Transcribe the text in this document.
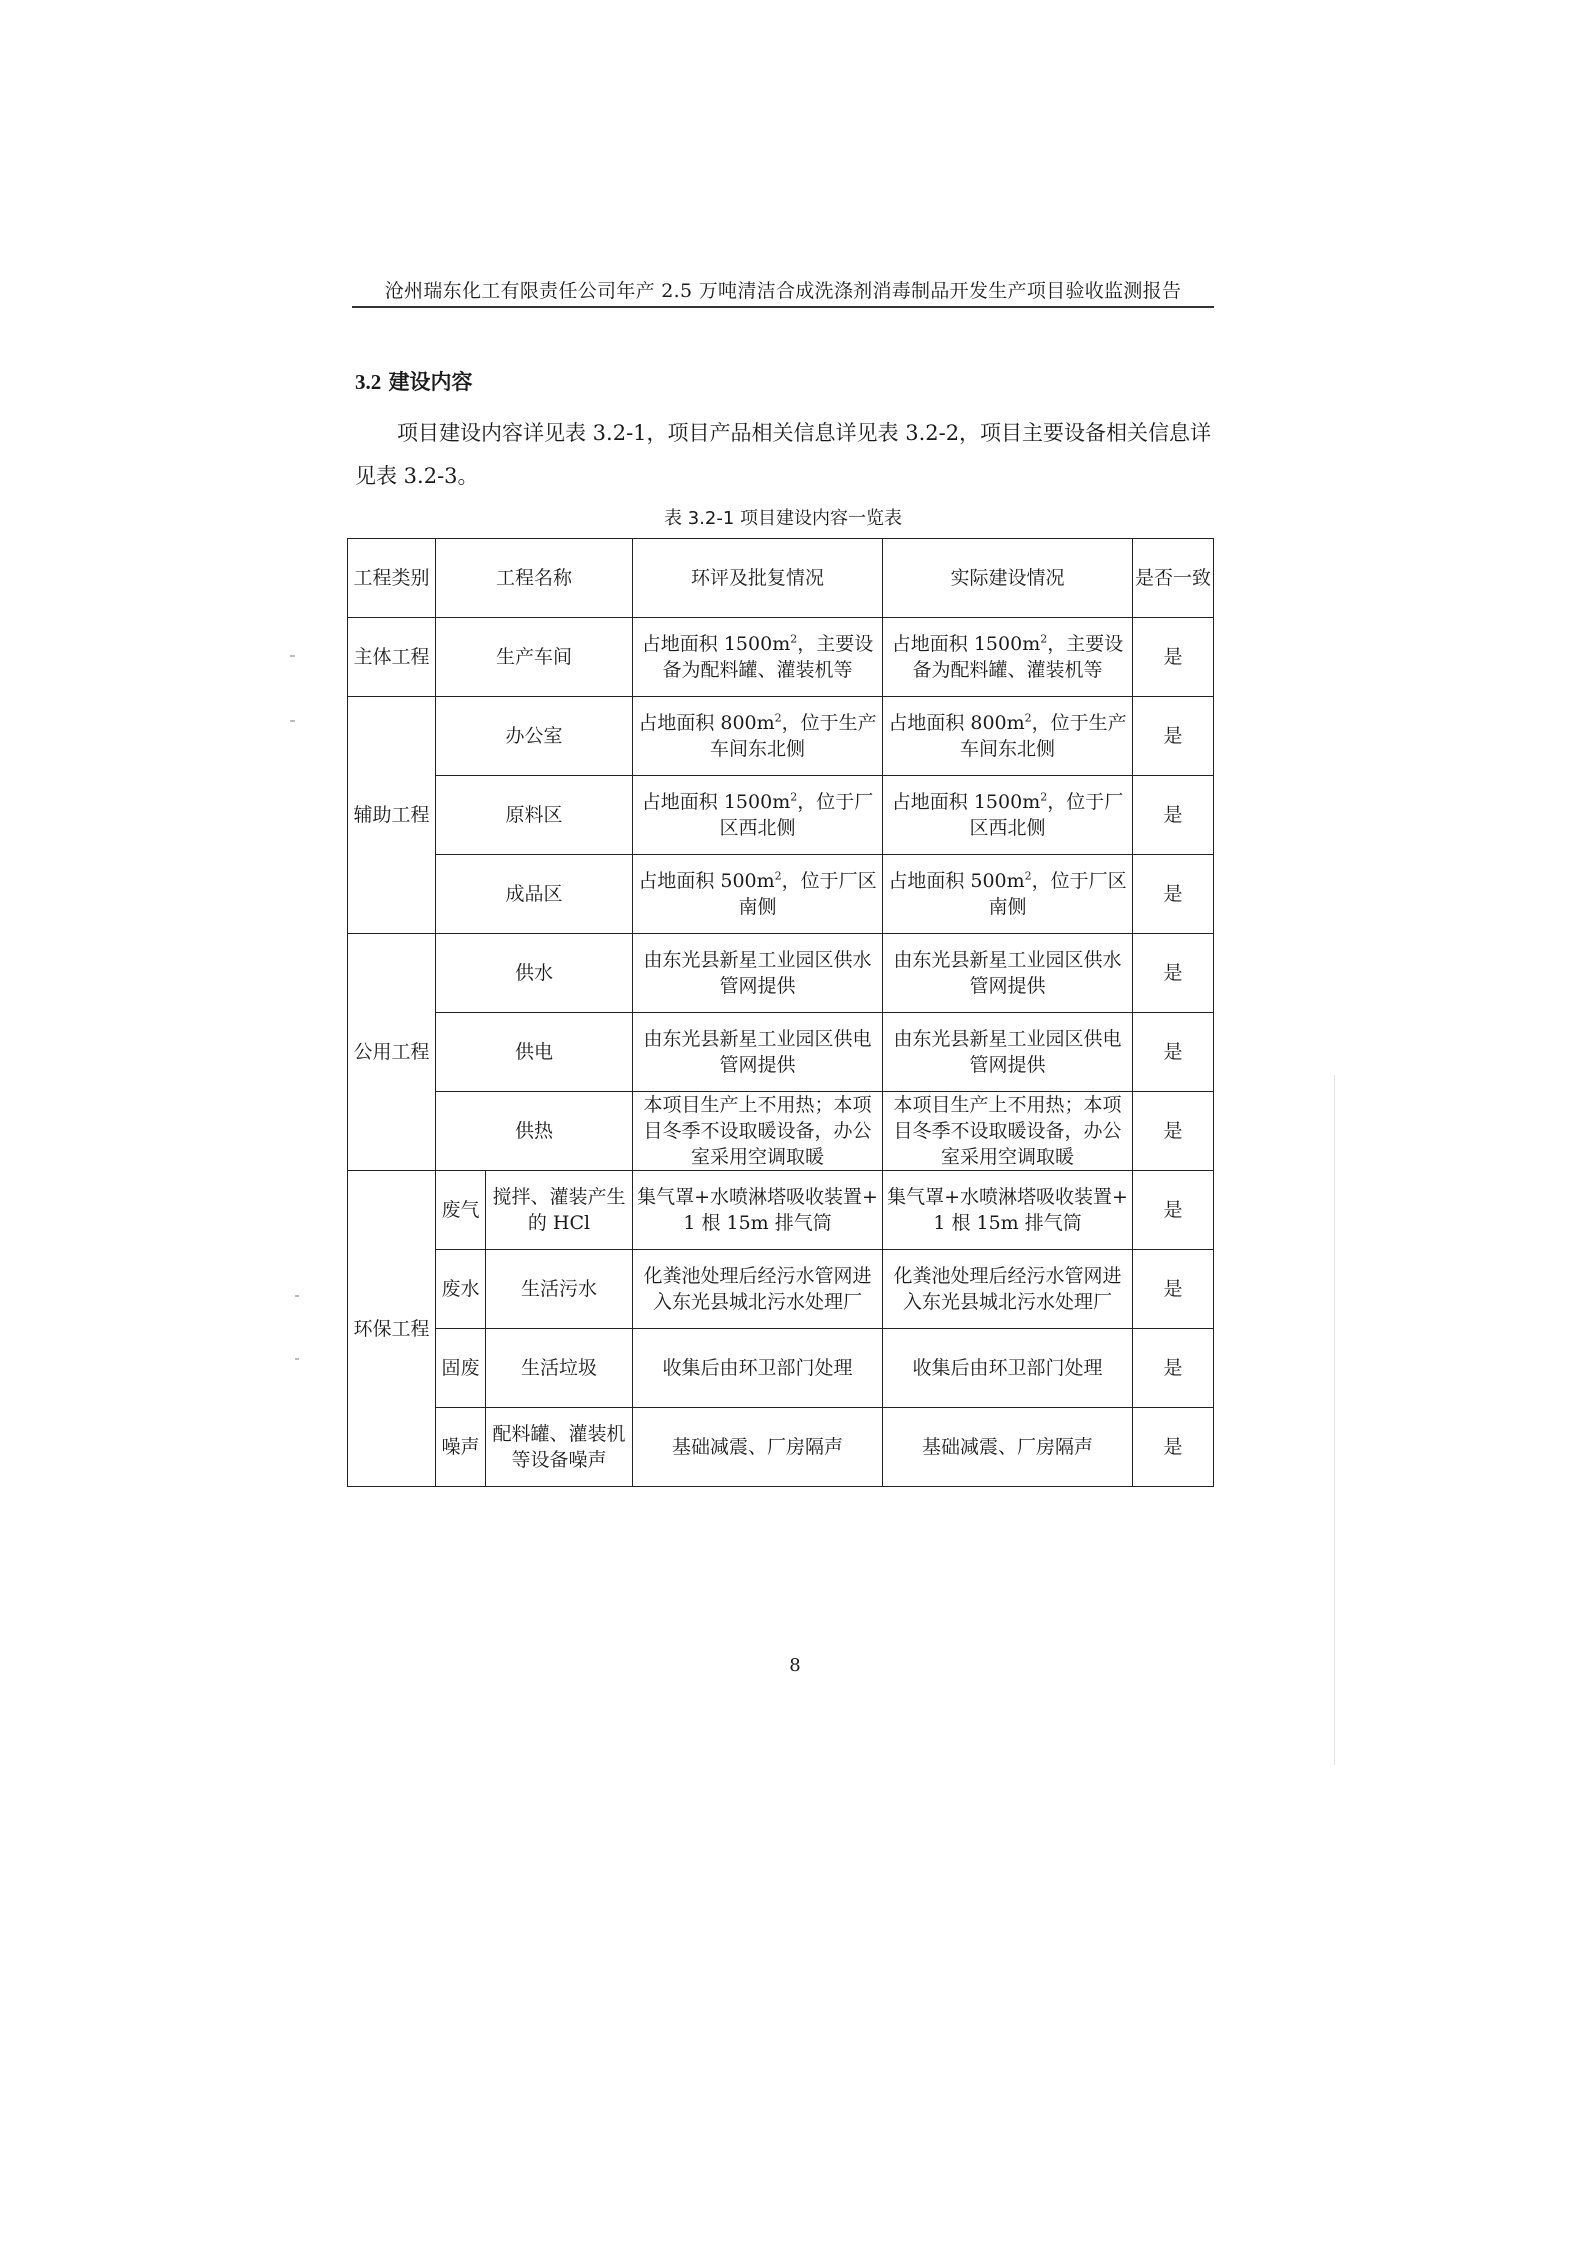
沧州瑞东化工有限责任公司年产 2.5 万吨清洁合成洗涤剂消毒制品开发生产项目验收监测报告
3.2 建设内容
项目建设内容详见表 3.2-1，项目产品相关信息详见表 3.2-2，项目主要设备相关信息详见表 3.2-3。
表 3.2-1 项目建设内容一览表
工程类别	工程名称		环评及批复情况	实际建设情况	是否一致
主体工程	生产车间		占地面积 $1500m^2$，主要设备为配料罐、灌装机等	占地面积 $1500m^2$，主要设备为配料罐、灌装机等	是
辅助工程	办公室		占地面积 $800m^2$，位于生产车间东北侧	占地面积 $800m^2$，位于生产车间东北侧	是
	原料区		占地面积 $1500m^2$，位于厂区西北侧	占地面积 $1500m^2$，位于厂区西北侧	是
	成品区		占地面积 $500m^2$，位于厂区南侧	占地面积 $500m^2$，位于厂区南侧	是
公用工程	供水		由东光县新星工业园区供水管网提供	由东光县新星工业园区供水管网提供	是
	供电		由东光县新星工业园区供电管网提供	由东光县新星工业园区供电管网提供	是
	供热		本项目生产上不用热；本项目冬季不设取暖设备，办公室采用空调取暖	本项目生产上不用热；本项目冬季不设取暖设备，办公室采用空调取暖	是
环保工程	废气	搅拌、灌装产生的 HCl	集气罩+水喷淋塔吸收装置+1 根 15m 排气筒	集气罩+水喷淋塔吸收装置+1 根 15m 排气筒	是
	废水	生活污水	化粪池处理后经污水管网进入东光县城北污水处理厂	化粪池处理后经污水管网进入东光县城北污水处理厂	是
	固废	生活垃圾	收集后由环卫部门处理	收集后由环卫部门处理	是
	噪声	配料罐、灌装机等设备噪声	基础减震、厂房隔声	基础减震、厂房隔声	是
8
